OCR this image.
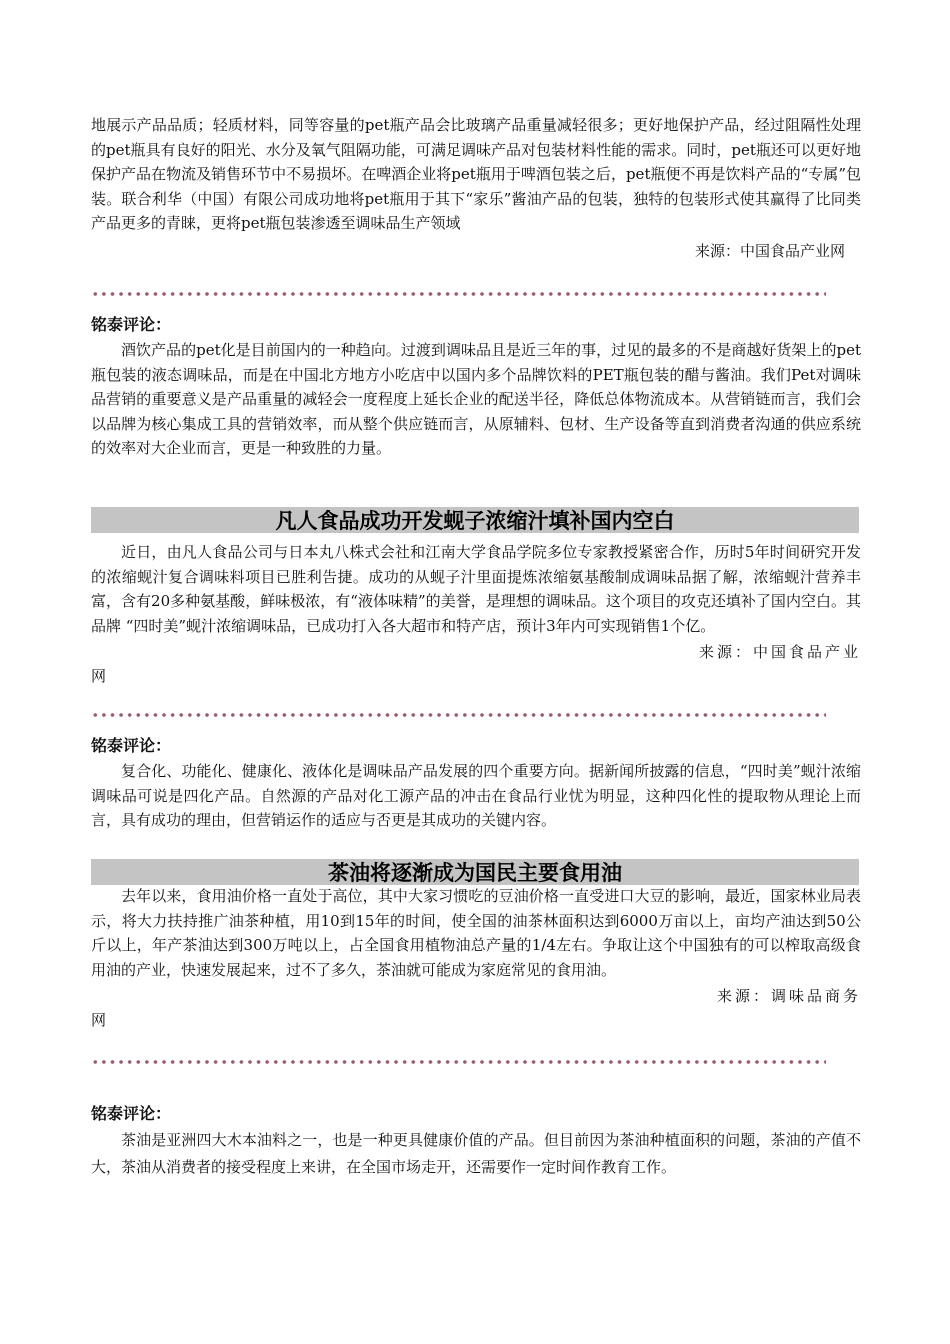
地展示产品品质；轻质材料，同等容量的pet瓶产品会比玻璃产品重量减轻很多；更好地保护产品，经过阻隔性处理的pet瓶具有良好的阳光、水分及氧气阻隔功能，可满足调味产品对包装材料性能的需求。同时，pet瓶还可以更好地保护产品在物流及销售环节中不易损坏。在啤酒企业将pet瓶用于啤酒包装之后，pet瓶便不再是饮料产品的“专属”包装。联合利华（中国）有限公司成功地将pet瓶用于其下“家乐”酱油产品的包装，独特的包装形式使其赢得了比同类产品更多的青睐，更将pet瓶包装渗透至调味品生产领域

来源：中国食品产业网
铭泰评论：

酒饮产品的pet化是目前国内的一种趋向。过渡到调味品且是近三年的事，过见的最多的不是商越好货架上的pet瓶包装的液态调味品，而是在中国北方地方小吃店中以国内多个品牌饮料的PET瓶包装的醋与酱油。我们Pet对调味品营销的重要意义是产品重量的减轻会一度程度上延长企业的配送半径，降低总体物流成本。从营销链而言，我们会以品牌为核心集成工具的营销效率，而从整个供应链而言，从原辅料、包材、生产设备等直到消费者沟通的供应系统的效率对大企业而言，更是一种致胜的力量。

凡人食品成功开发蚬子浓缩汁填补国内空白

近日，由凡人食品公司与日本丸八株式会社和江南大学食品学院多位专家教授紧密合作，历时5年时间研究开发的浓缩蚬汁复合调味料项目已胜利告捷。成功的从蚬子汁里面提炼浓缩氨基酸制成调味品据了解，浓缩蚬汁营养丰富，含有20多种氨基酸，鲜味极浓，有“液体味精”的美誉，是理想的调味品。这个项目的攻克还填补了国内空白。其品牌 “四时美”蚬汁浓缩调味品，已成功打入各大超市和特产店，预计3年内可实现销售1个亿。

来源：中国食品产业
网
铭泰评论：

复合化、功能化、健康化、液体化是调味品产品发展的四个重要方向。据新闻所披露的信息，“四时美”蚬汁浓缩调味品可说是四化产品。自然源的产品对化工源产品的冲击在食品行业忧为明显，这种四化性的提取物从理论上而言，具有成功的理由，但营销运作的适应与否更是其成功的关键内容。

茶油将逐渐成为国民主要食用油

去年以来，食用油价格一直处于高位，其中大家习惯吃的豆油价格一直受进口大豆的影响，最近，国家林业局表示，将大力扶持推广油茶种植，用10到15年的时间，使全国的油茶林面积达到6000万亩以上，亩均产油达到50公斤以上，年产茶油达到300万吨以上，占全国食用植物油总产量的1/4左右。争取让这个中国独有的可以榨取高级食用油的产业，快速发展起来，过不了多久，茶油就可能成为家庭常见的食用油。

来源：调味品商务
网
铭泰评论：

茶油是亚洲四大木本油料之一，也是一种更具健康价值的产品。但目前因为茶油种植面积的问题，茶油的产值不大，茶油从消费者的接受程度上来讲，在全国市场走开，还需要作一定时间作教育工作。
